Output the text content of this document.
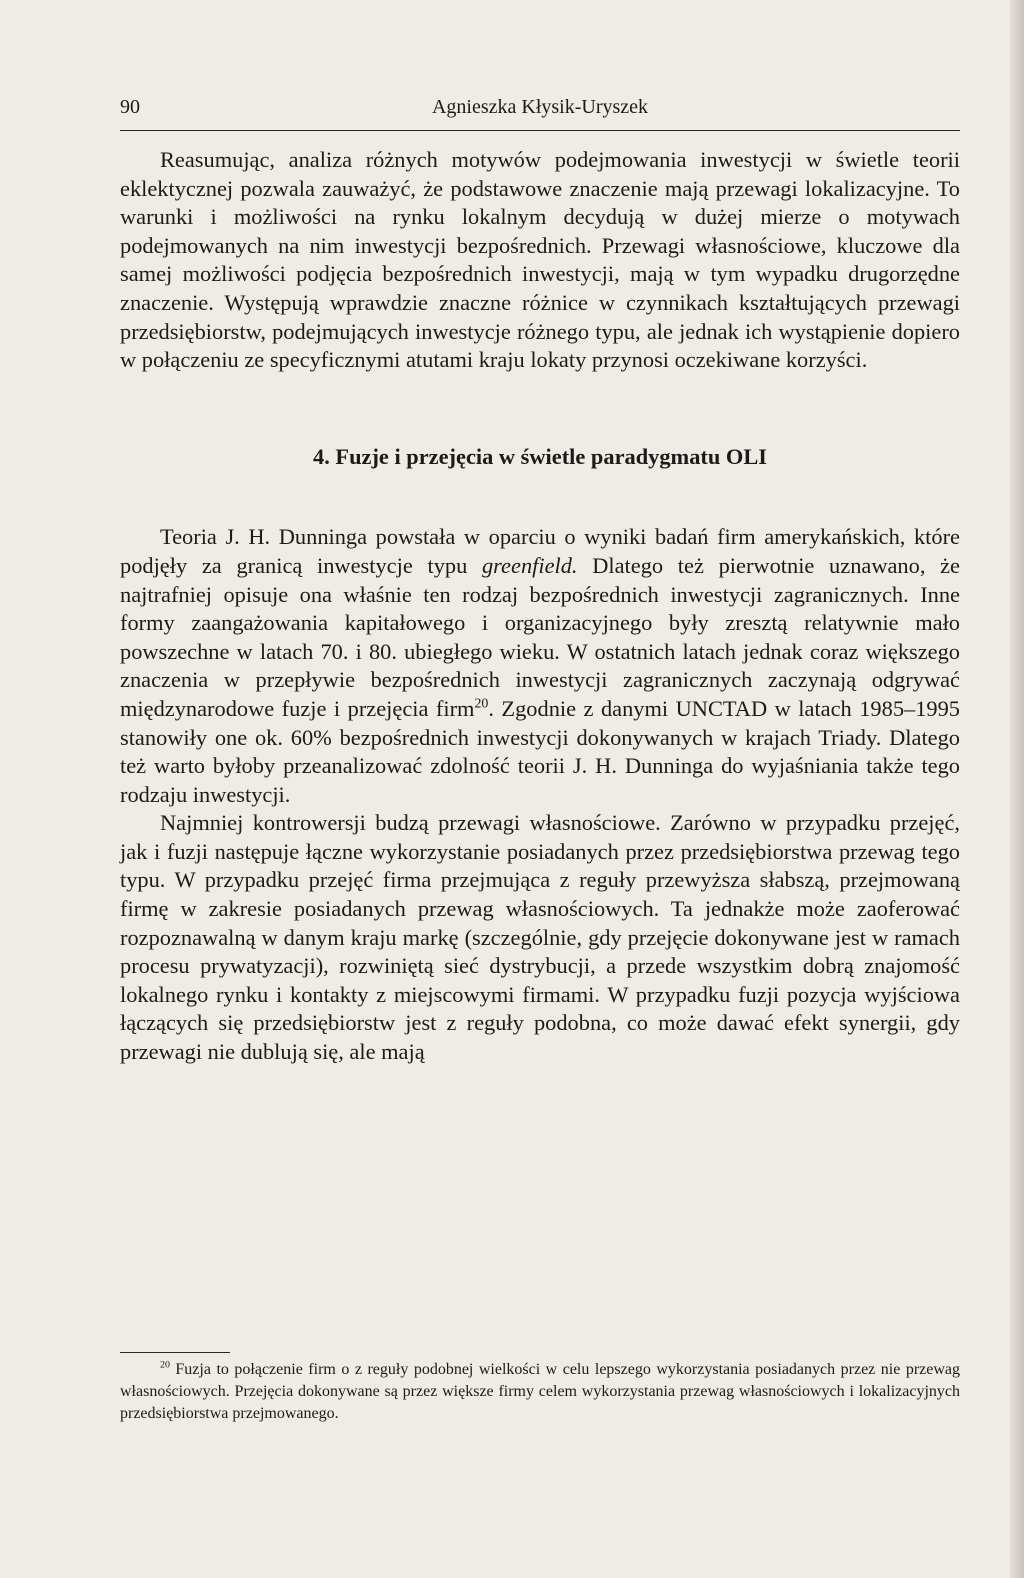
90	Agnieszka Kłysik-Uryszek

Reasumując, analiza różnych motywów podejmowania inwestycji w świetle teorii eklektycznej pozwala zauważyć, że podstawowe znaczenie mają przewagi lokalizacyjne. To warunki i możliwości na rynku lokalnym decydują w dużej mierze o motywach podejmowanych na nim inwestycji bezpośrednich. Przewagi własnościowe, kluczowe dla samej możliwości podjęcia bezpośrednich inwestycji, mają w tym wypadku drugorzędne znaczenie. Występują wprawdzie znaczne różnice w czynnikach kształtujących przewagi przedsiębiorstw, podejmujących inwestycje różnego typu, ale jednak ich wystąpienie dopiero w połączeniu ze specyficznymi atutami kraju lokaty przynosi oczekiwane korzyści.

4. Fuzje i przejęcia w świetle paradygmatu OLI

Teoria J. H. Dunninga powstała w oparciu o wyniki badań firm amerykańskich, które podjęły za granicą inwestycje typu greenfield. Dlatego też pierwotnie uznawano, że najtrafniej opisuje ona właśnie ten rodzaj bezpośrednich inwestycji zagranicznych. Inne formy zaangażowania kapitałowego i organizacyjnego były zresztą relatywnie mało powszechne w latach 70. i 80. ubiegłego wieku. W ostatnich latach jednak coraz większego znaczenia w przepływie bezpośrednich inwestycji zagranicznych zaczynają odgrywać międzynarodowe fuzje i przejęcia firm$^{20}$. Zgodnie z danymi UNCTAD w latach 1985–1995 stanowiły one ok. 60% bezpośrednich inwestycji dokonywanych w krajach Triady. Dlatego też warto byłoby przeanalizować zdolność teorii J. H. Dunninga do wyjaśniania także tego rodzaju inwestycji.

Najmniej kontrowersji budzą przewagi własnościowe. Zarówno w przypadku przejęć, jak i fuzji następuje łączne wykorzystanie posiadanych przez przedsiębiorstwa przewag tego typu. W przypadku przejęć firma przejmująca z reguły przewyższa słabszą, przejmowaną firmę w zakresie posiadanych przewag własnościowych. Ta jednakże może zaoferować rozpoznawalną w danym kraju markę (szczególnie, gdy przejęcie dokonywane jest w ramach procesu prywatyzacji), rozwiniętą sieć dystrybucji, a przede wszystkim dobrą znajomość lokalnego rynku i kontakty z miejscowymi firmami. W przypadku fuzji pozycja wyjściowa łączących się przedsiębiorstw jest z reguły podobna, co może dawać efekt synergii, gdy przewagi nie dublują się, ale mają

$^{20}$ Fuzja to połączenie firm o z reguły podobnej wielkości w celu lepszego wykorzystania posiadanych przez nie przewag własnościowych. Przejęcia dokonywane są przez większe firmy celem wykorzystania przewag własnościowych i lokalizacyjnych przedsiębiorstwa przejmowanego.
